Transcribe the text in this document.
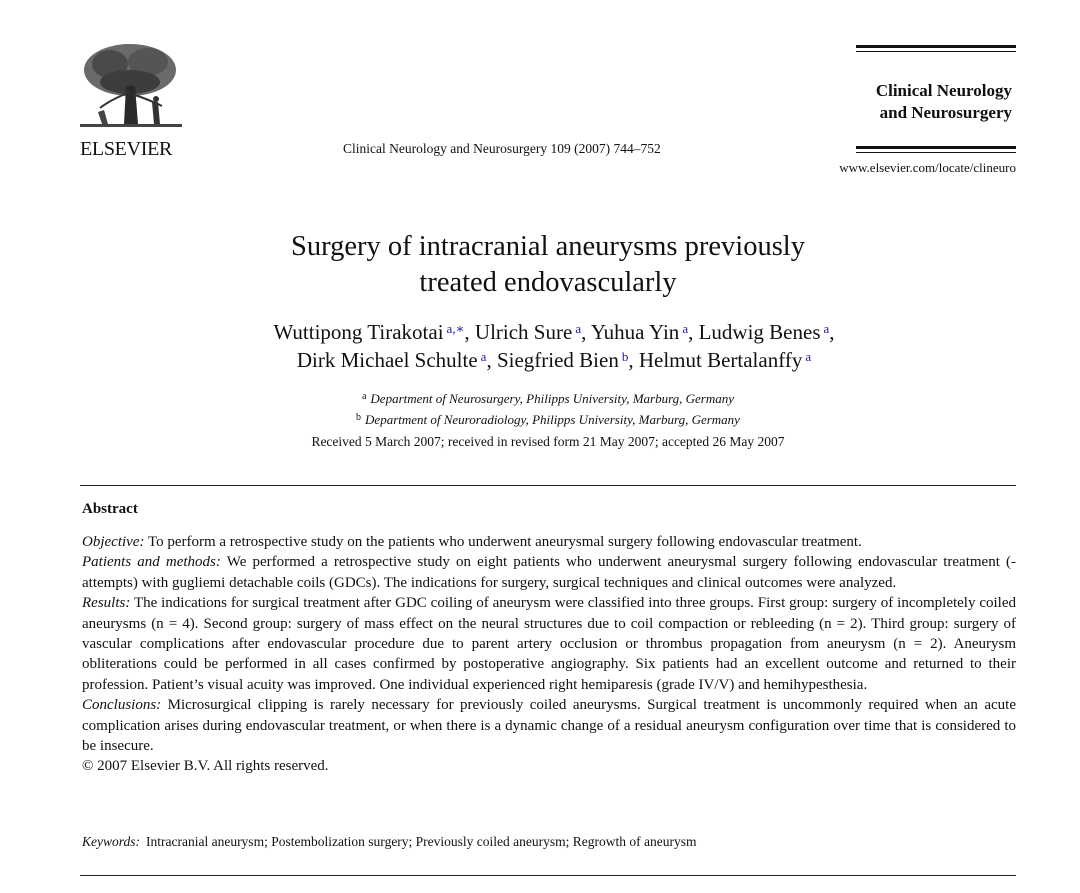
ELSEVIER	Clinical Neurology and Neurosurgery 109 (2007) 744–752
Clinical Neurology
and Neurosurgery
www.elsevier.com/locate/clineuro
Surgery of intracranial aneurysms previously
treated endovascularly
Wuttipong Tirakotai $^{a,∗}$, Ulrich Sure $^a$, Yuhua Yin $^a$, Ludwig Benes $^a$,
Dirk Michael Schulte $^a$, Siegfried Bien $^b$, Helmut Bertalanffy $^a$
$^a$ Department of Neurosurgery, Philipps University, Marburg, Germany
$^b$ Department of Neuroradiology, Philipps University, Marburg, Germany
Received 5 March 2007; received in revised form 21 May 2007; accepted 26 May 2007
Abstract

Objective: To perform a retrospective study on the patients who underwent aneurysmal surgery following endovascular treatment.

Patients and methods: We performed a retrospective study on eight patients who underwent aneurysmal surgery following endovascular treatment (-attempts) with gugliemi detachable coils (GDCs). The indications for surgery, surgical techniques and clinical outcomes were analyzed.

Results: The indications for surgical treatment after GDC coiling of aneurysm were classified into three groups. First group: surgery of incompletely coiled aneurysms (n = 4). Second group: surgery of mass effect on the neural structures due to coil compaction or rebleeding (n = 2). Third group: surgery of vascular complications after endovascular procedure due to parent artery occlusion or thrombus propagation from aneurysm (n = 2). Aneurysm obliterations could be performed in all cases confirmed by postoperative angiography. Six patients had an excellent outcome and returned to their profession. Patient’s visual acuity was improved. One individual experienced right hemiparesis (grade IV/V) and hemihypesthesia.

Conclusions: Microsurgical clipping is rarely necessary for previously coiled aneurysms. Surgical treatment is uncommonly required when an acute complication arises during endovascular treatment, or when there is a dynamic change of a residual aneurysm configuration over time that is considered to be insecure.

© 2007 Elsevier B.V. All rights reserved.

Keywords: Intracranial aneurysm; Postembolization surgery; Previously coiled aneurysm; Regrowth of aneurysm
